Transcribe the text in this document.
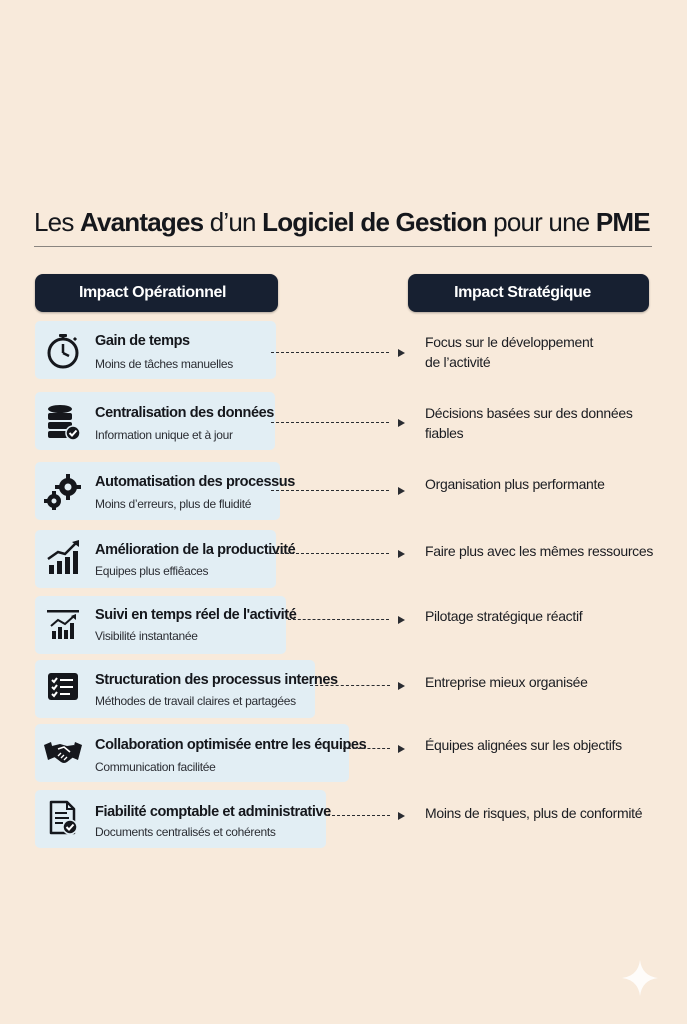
Les Avantages d’un Logiciel de Gestion pour une PME
Impact Opérationnel	Impact Stratégique
Gain de temps
Moins de tâches manuelles
Focus sur le développement
de l’activité
Centralisation des données
Information unique et à jour
Décisions basées sur des données
fiables
Automatisation des processus
Moins d’erreurs, plus de fluidité
Organisation plus performante
Amélioration de la productivité
Equipes plus effiêaces
Faire plus avec les mêmes ressources
Suivi en temps réel de l'activité
Visibilité instantanée
Pilotage stratégique réactif
Structuration des processus internes
Méthodes de travail claires et partagées
Entreprise mieux organisée
Collaboration optimisée entre les équipes
Communication facilitée
Équipes alignées sur les objectifs
Fiabilité comptable et administrative
Documents centralisés et cohérents
Moins de risques, plus de conformité
